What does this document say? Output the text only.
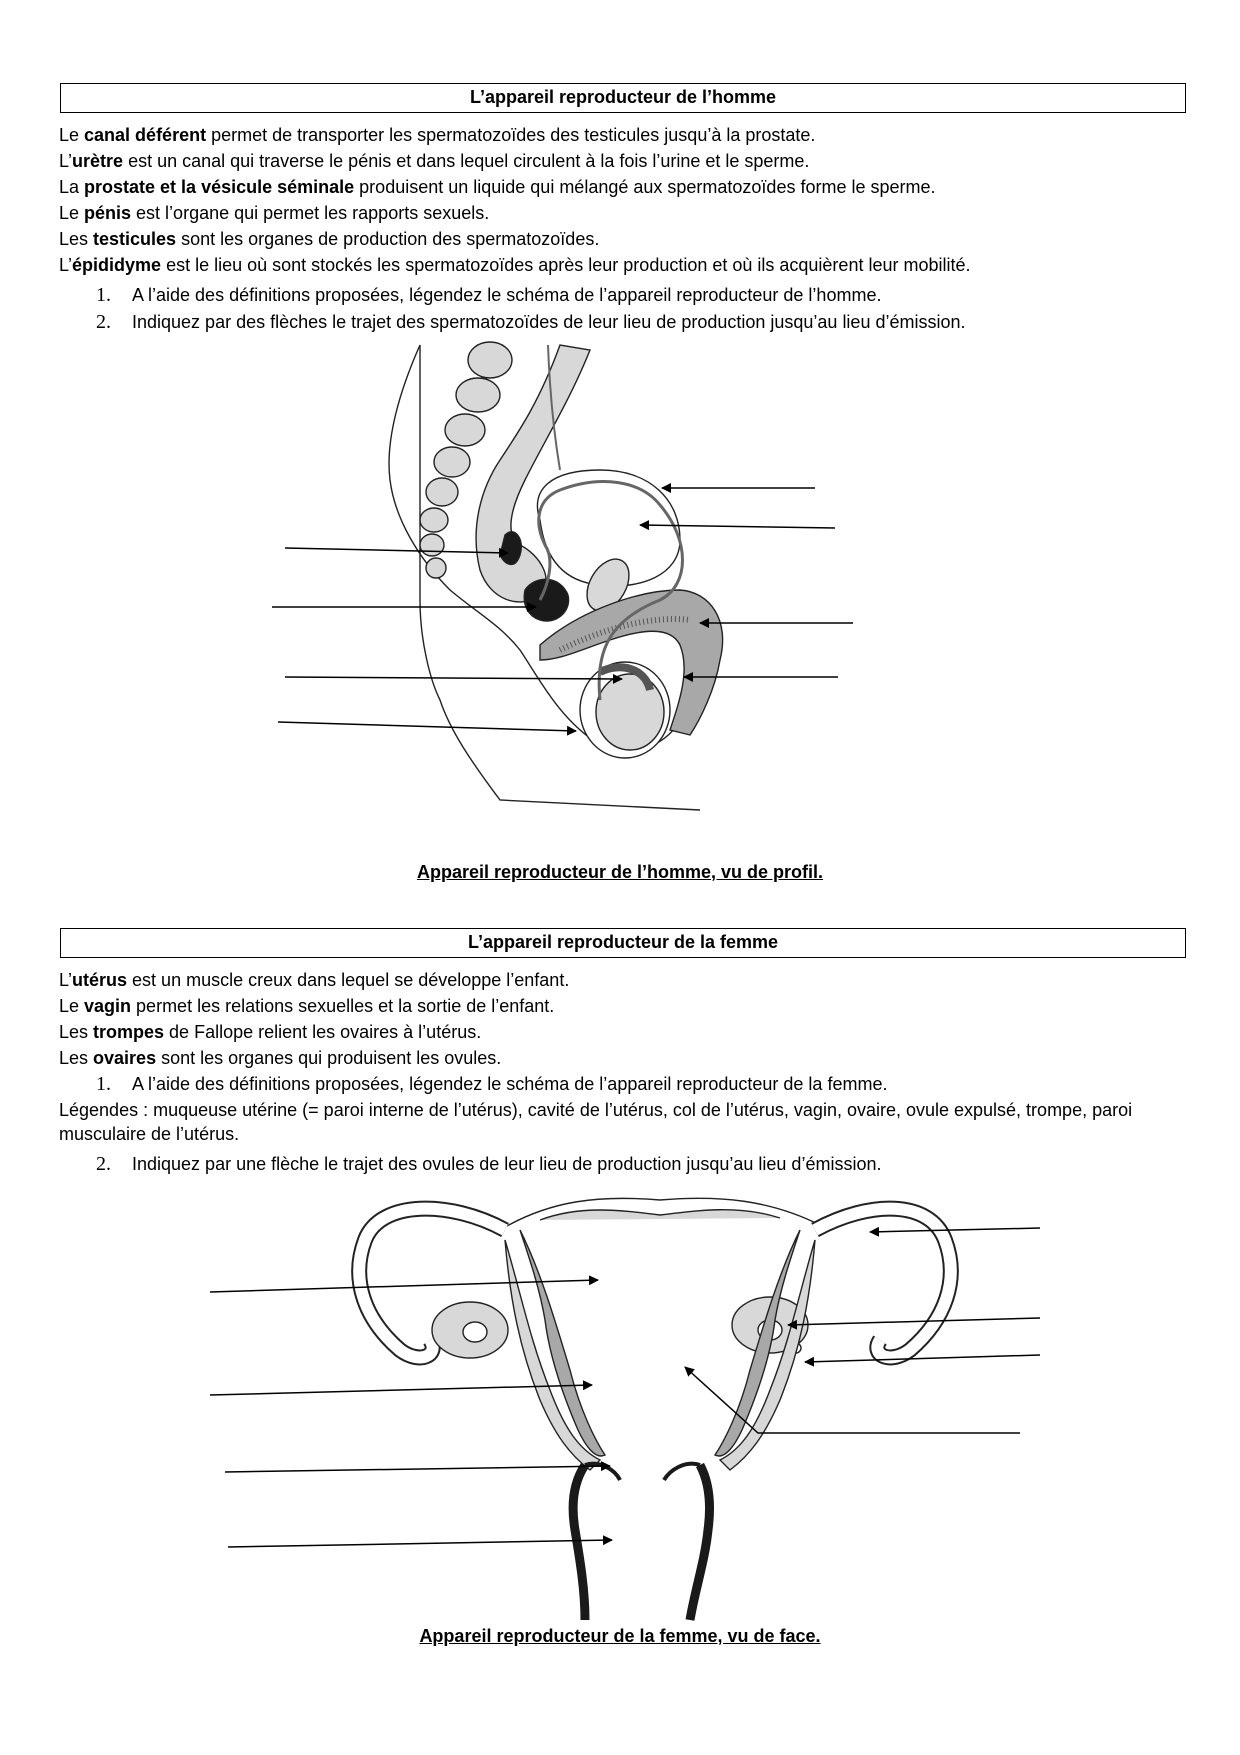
L’appareil reproducteur de l’homme
Le canal déférent permet de transporter les spermatozoïdes des testicules jusqu’à la prostate.
L’urètre est un canal qui traverse le pénis et dans lequel circulent à la fois l’urine et le sperme.
La prostate et la vésicule séminale produisent un liquide qui mélangé aux spermatozoïdes forme le sperme.
Le pénis est l’organe qui permet les rapports sexuels.
Les testicules sont les organes de production des spermatozoïdes.
L’épididyme est le lieu où sont stockés les spermatozoïdes après leur production et où ils acquièrent leur mobilité.
1. A l’aide des définitions proposées, légendez le schéma de l’appareil reproducteur de l’homme.
2. Indiquez par des flèches le trajet des spermatozoïdes de leur lieu de production jusqu’au lieu d’émission.
Appareil reproducteur de l’homme, vu de profil.
L’appareil reproducteur de la femme
L’utérus est un muscle creux dans lequel se développe l’enfant.
Le vagin permet les relations sexuelles et la sortie de l’enfant.
Les trompes de Fallope relient les ovaires à l’utérus.
Les ovaires sont les organes qui produisent les ovules.
1. A l’aide des définitions proposées, légendez le schéma de l’appareil reproducteur de la femme.
Légendes : muqueuse utérine (= paroi interne de l’utérus), cavité de l’utérus, col de l’utérus, vagin, ovaire, ovule expulsé, trompe, paroi
musculaire de l’utérus.
2. Indiquez par une flèche le trajet des ovules de leur lieu de production jusqu’au lieu d’émission.
Appareil reproducteur de la femme, vu de face.
